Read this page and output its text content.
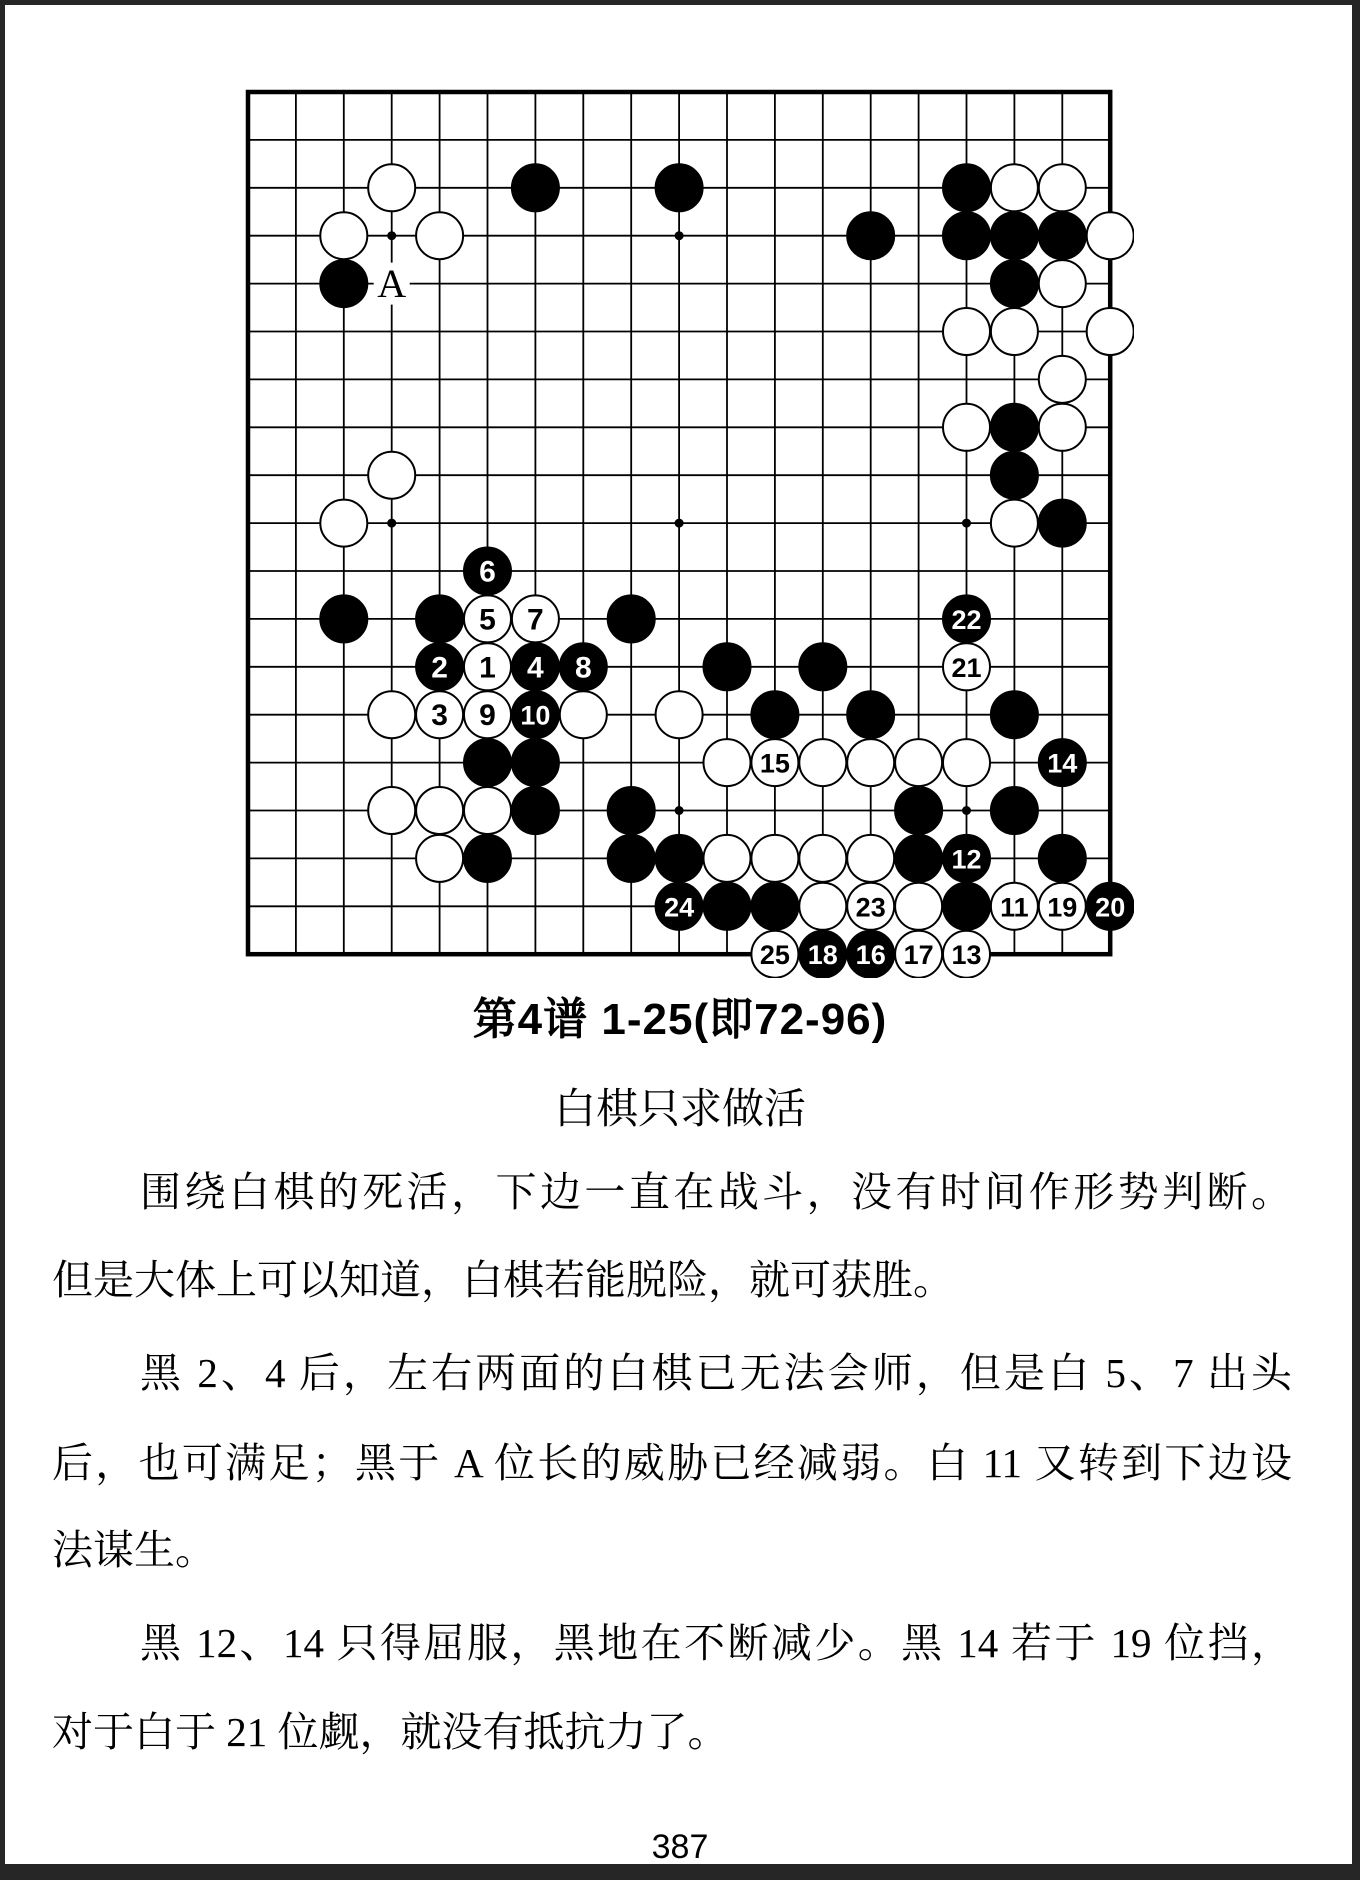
A
1
2
3
4
5
6
7
8
9 10
11
12
13
14
15
16 17
18
19 20
21
22
23
24
25
第4谱 1-25(即72-96)
白棋只求做活
围绕白棋的死活，下边一直在战斗，没有时间作形势判断。
但是大体上可以知道，白棋若能脱险，就可获胜。
黑 2、4 后，左右两面的白棋已无法会师，但是白 5、7 出头
后，也可满足；黑于 A 位长的威胁已经减弱。白 11 又转到下边设
法谋生。
黑 12、14 只得屈服，黑地在不断减少。黑 14 若于 19 位挡，
对于白于 21 位觑，就没有抵抗力了。
387
